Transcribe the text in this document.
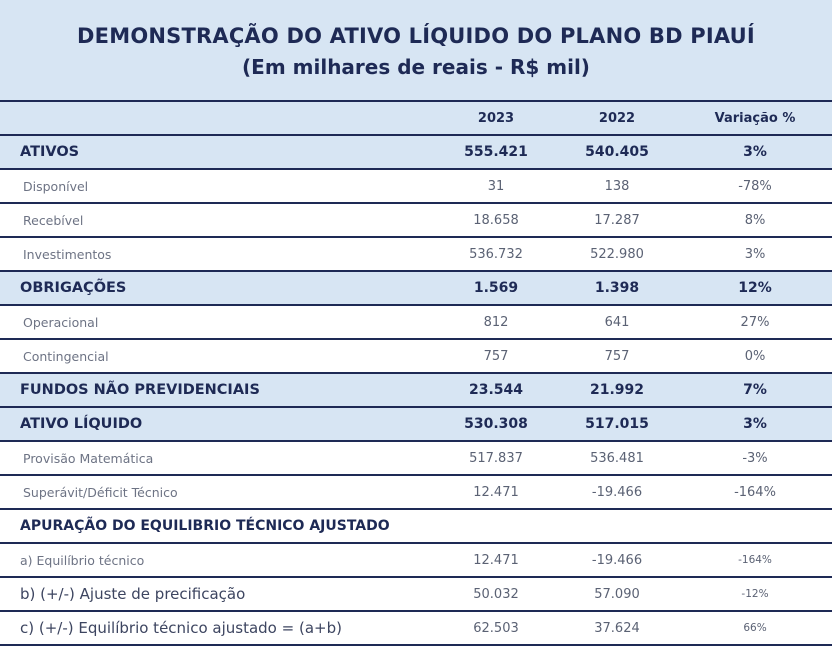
DEMONSTRAÇÃO DO ATIVO LÍQUIDO DO PLANO BD PIAUÍ
(Em milhares de reais - R$ mil)
	2023	2022	Variação %
ATIVOS	555.421	540.405	3%
Disponível	31	138	-78%
Recebível	18.658	17.287	8%
Investimentos	536.732	522.980	3%
OBRIGAÇÕES	1.569	1.398	12%
Operacional	812	641	27%
Contingencial	757	757	0%
FUNDOS NÃO PREVIDENCIAIS	23.544	21.992	7%
ATIVO LÍQUIDO	530.308	517.015	3%
Provisão Matemática	517.837	536.481	-3%
Superávit/Déficit Técnico	12.471	-19.466	-164%
APURAÇÃO DO EQUILIBRIO TÉCNICO AJUSTADO			
a) Equilíbrio técnico	12.471	-19.466	-164%
b) (+/-) Ajuste de precificação	50.032	57.090	-12%
c) (+/-) Equilíbrio técnico ajustado = (a+b)	62.503	37.624	66%
